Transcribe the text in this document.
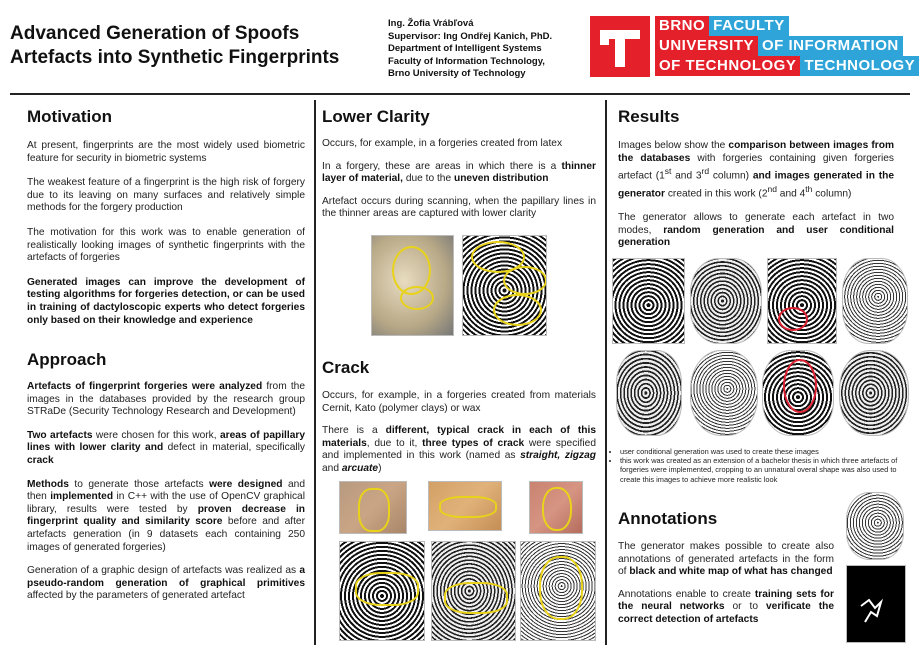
Advanced Generation of Spoofs
Artefacts into Synthetic Fingerprints
Ing. Žofia Vrábľová
Supervisor: Ing Ondřej Kanich, PhD.
Department of Intelligent Systems
Faculty of Information Technology,
Brno University of Technology
BRNO FACULTY
UNIVERSITY OF INFORMATION
OF TECHNOLOGY TECHNOLOGY
Motivation

At present, fingerprints are the most widely used biometric feature for security in biometric systems

The weakest feature of a fingerprint is the high risk of forgery due to its leaving on many surfaces and relatively simple methods for the forgery production

The motivation for this work was to enable generation of realistically looking images of synthetic fingerprints with the artefacts of forgeries

Generated images can improve the development of testing algorithms for forgeries detection, or can be used in training of dactyloscopic experts who detect forgeries only based on their knowledge and experience

Approach

Artefacts of fingerprint forgeries were analyzed from the images in the databases provided by the research group STRaDe (Security Technology Research and Development)

Two artefacts were chosen for this work, areas of papillary lines with lower clarity and defect in material, specifically crack

Methods to generate those artefacts were designed and then implemented in C++ with the use of OpenCV graphical library, results were tested by proven decrease in fingerprint quality and similarity score before and after artefacts generation (in 9 datasets each containing 250 images of generated forgeries)

Generation of a graphic design of artefacts was realized as a pseudo-random generation of graphical primitives affected by the parameters of generated artefact

Lower Clarity

Occurs, for example, in a forgeries created from latex

In a forgery, these are areas in which there is a thinner layer of material, due to the uneven distribution

Artefact occurs during scanning, when the papillary lines in the thinner areas are captured with lower clarity

Crack

Occurs, for example, in a forgeries created from materials Cernit, Kato (polymer clays) or wax

There is a different, typical crack in each of this materials, due to it, three types of crack were specified and implemented in this work (named as straight, zigzag and arcuate)

Results

Images below show the comparison between images from the databases with forgeries containing given forgeries artefact (1st and 3rd column) and images generated in the generator created in this work (2nd and 4th column)

The generator allows to generate each artefact in two modes, random generation and user conditional generation

• user conditional generation was used to create these images
• this work was created as an extension of a bachelor thesis in which three artefacts of forgeries were implemented, cropping to an unnatural overal shape was also used to create this images to achieve more realistic look
Annotations

The generator makes possible to create also annotations of generated artefacts in the form of black and white map of what has changed

Annotations enable to create training sets for the neural networks or to verificate the correct detection of artefacts
